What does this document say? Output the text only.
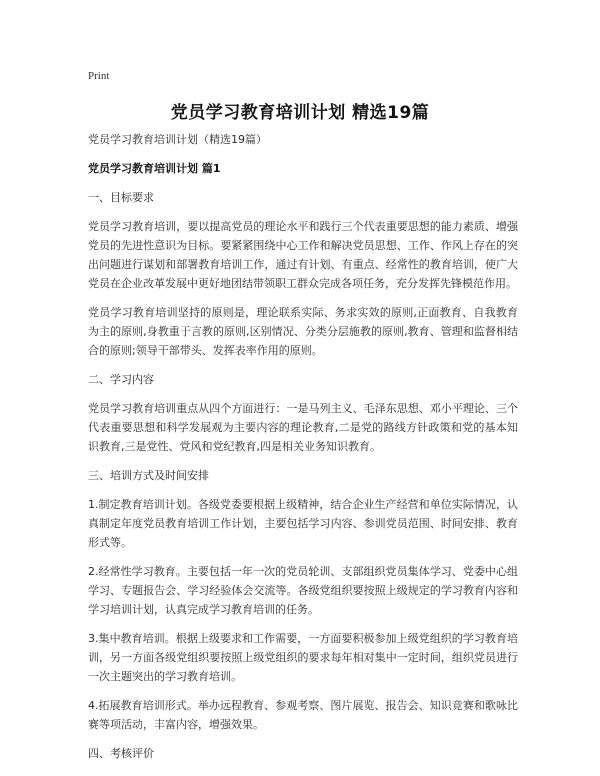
Print
党员学习教育培训计划 精选19篇

党员学习教育培训计划（精选19篇）

党员学习教育培训计划 篇1

一、目标要求

党员学习教育培训，要以提高党员的理论水平和践行三个代表重要思想的能力素质、增强党员的先进性意识为目标。要紧紧围绕中心工作和解决党员思想、工作、作风上存在的突出问题进行谋划和部署教育培训工作，通过有计划、有重点、经常性的教育培训，使广大党员在企业改革发展中更好地团结带领职工群众完成各项任务，充分发挥先锋模范作用。

党员学习教育培训坚持的原则是，理论联系实际、务求实效的原则,正面教育、自我教育为主的原则,身教重于言教的原则,区别情况、分类分层施教的原则,教育、管理和监督相结合的原则;领导干部带头、发挥表率作用的原则。

二、学习内容

党员学习教育培训重点从四个方面进行：一是马列主义、毛泽东思想、邓小平理论、三个代表重要思想和科学发展观为主要内容的理论教育,二是党的路线方针政策和党的基本知识教育,三是党性、党风和党纪教育,四是相关业务知识教育。

三、培训方式及时间安排

1.制定教育培训计划。各级党委要根据上级精神，结合企业生产经营和单位实际情况，认真制定年度党员教育培训工作计划，主要包括学习内容、参训党员范围、时间安排、教育形式等。

2.经常性学习教育。主要包括一年一次的党员轮训、支部组织党员集体学习、党委中心组学习、专题报告会、学习经验体会交流等。各级党组织要按照上级规定的学习教育内容和学习培训计划，认真完成学习教育培训的任务。

3.集中教育培训。根据上级要求和工作需要，一方面要积极参加上级党组织的学习教育培训，另一方面各级党组织要按照上级党组织的要求每年相对集中一定时间，组织党员进行一次主题突出的学习教育培训。

4.拓展教育培训形式。举办远程教育、参观考察、图片展览、报告会、知识竞赛和歌咏比赛等项活动，丰富内容，增强效果。

四、考核评价
